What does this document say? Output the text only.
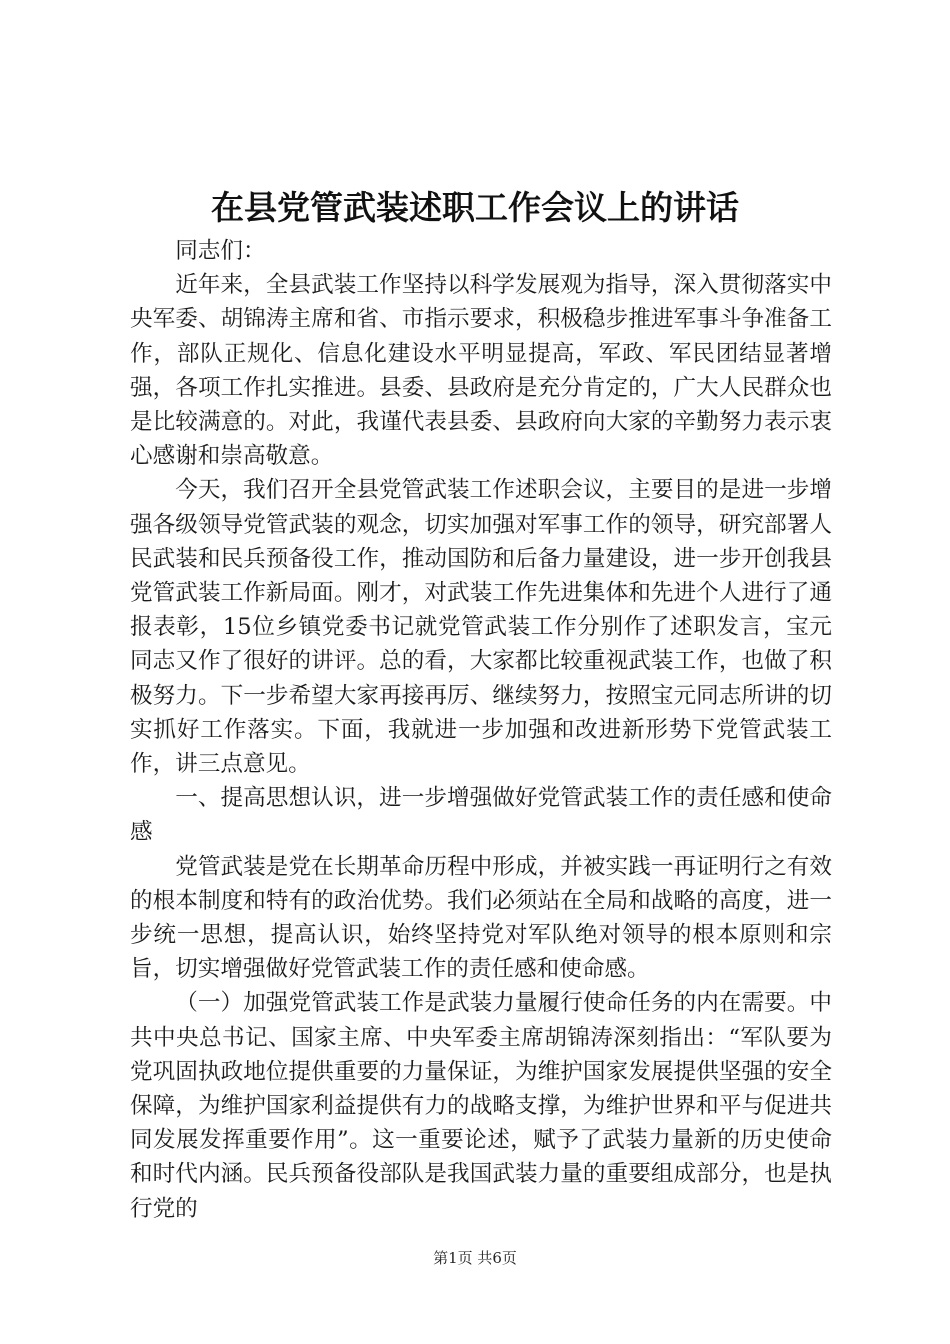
在县党管武装述职工作会议上的讲话

同志们：

近年来，全县武装工作坚持以科学发展观为指导，深入贯彻落实中央军委、胡锦涛主席和省、市指示要求，积极稳步推进军事斗争准备工作，部队正规化、信息化建设水平明显提高，军政、军民团结显著增强，各项工作扎实推进。县委、县政府是充分肯定的，广大人民群众也是比较满意的。对此，我谨代表县委、县政府向大家的辛勤努力表示衷心感谢和崇高敬意。

今天，我们召开全县党管武装工作述职会议，主要目的是进一步增强各级领导党管武装的观念，切实加强对军事工作的领导，研究部署人民武装和民兵预备役工作，推动国防和后备力量建设，进一步开创我县党管武装工作新局面。刚才，对武装工作先进集体和先进个人进行了通报表彰，15位乡镇党委书记就党管武装工作分别作了述职发言，宝元同志又作了很好的讲评。总的看，大家都比较重视武装工作，也做了积极努力。下一步希望大家再接再厉、继续努力，按照宝元同志所讲的切实抓好工作落实。下面，我就进一步加强和改进新形势下党管武装工作，讲三点意见。

一、提高思想认识，进一步增强做好党管武装工作的责任感和使命感

党管武装是党在长期革命历程中形成，并被实践一再证明行之有效的根本制度和特有的政治优势。我们必须站在全局和战略的高度，进一步统一思想，提高认识，始终坚持党对军队绝对领导的根本原则和宗旨，切实增强做好党管武装工作的责任感和使命感。

（一）加强党管武装工作是武装力量履行使命任务的内在需要。中共中央总书记、国家主席、中央军委主席胡锦涛深刻指出：“军队要为党巩固执政地位提供重要的力量保证，为维护国家发展提供坚强的安全保障，为维护国家利益提供有力的战略支撑，为维护世界和平与促进共同发展发挥重要作用”。这一重要论述，赋予了武装力量新的历史使命和时代内涵。民兵预备役部队是我国武装力量的重要组成部分，也是执行党的

第1页 共6页
